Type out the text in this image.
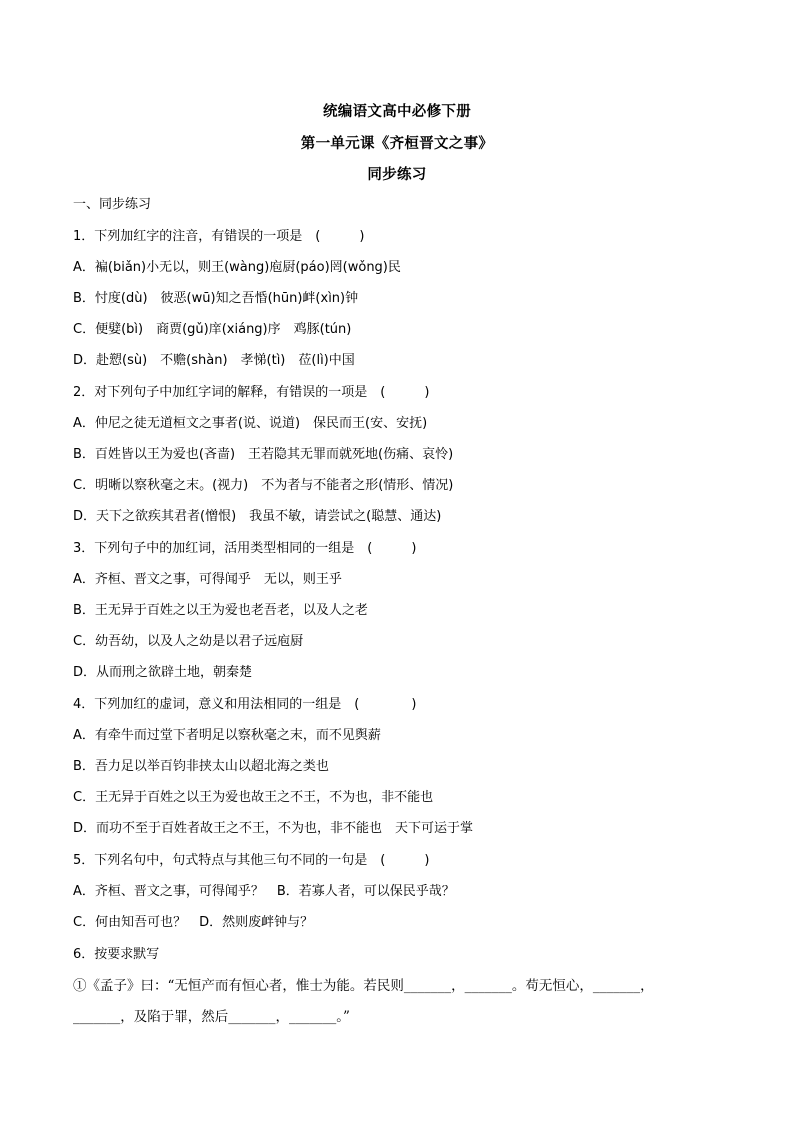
统编语文高中必修下册
第一单元课《齐桓晋文之事》
同步练习
一、同步练习
1．下列加红字的注音，有错误的一项是　(　　　)
A．褊(biǎn)小无以，则王(wàng)庖厨(páo)罔(wǒng)民
B．忖度(dù)　彼恶(wū)知之吾惛(hūn)衅(xìn)钟
C．便嬖(bì)　商贾(gǔ)庠(xiáng)序　鸡豚(tún)
D．赴愬(sù)　不赡(shàn)　孝悌(tì)　莅(lì)中国
2．对下列句子中加红字词的解释，有错误的一项是　(　　　)
A．仲尼之徒无道桓文之事者(说、说道)　保民而王(安、安抚)
B．百姓皆以王为爱也(吝啬)　王若隐其无罪而就死地(伤痛、哀怜)
C．明晰以察秋毫之末。(视力)　不为者与不能者之形(情形、情况)
D．天下之欲疾其君者(憎恨)　我虽不敏，请尝试之(聪慧、通达)
3．下列句子中的加红词，活用类型相同的一组是　(　　　)
A．齐桓、晋文之事，可得闻乎　无以，则王乎
B．王无异于百姓之以王为爱也老吾老，以及人之老
C．幼吾幼，以及人之幼是以君子远庖厨
D．从而刑之欲辟土地，朝秦楚
4．下列加红的虚词，意义和用法相同的一组是　(　　　　)
A．有牵牛而过堂下者明足以察秋毫之末，而不见舆薪
B．吾力足以举百钧非挟太山以超北海之类也
C．王无异于百姓之以王为爱也故王之不王，不为也，非不能也
D．而功不至于百姓者故王之不王，不为也，非不能也　天下可运于掌
5．下列名句中，句式特点与其他三句不同的一句是　(　　　)
A．齐桓、晋文之事，可得闻乎？　B．若寡人者，可以保民乎哉？
C．何由知吾可也？　D．然则废衅钟与？
6．按要求默写
①《孟子》曰：“无恒产而有恒心者，惟士为能。若民则_______，_______。苟无恒心，_______，
_______，及陷于罪，然后_______，_______。”
